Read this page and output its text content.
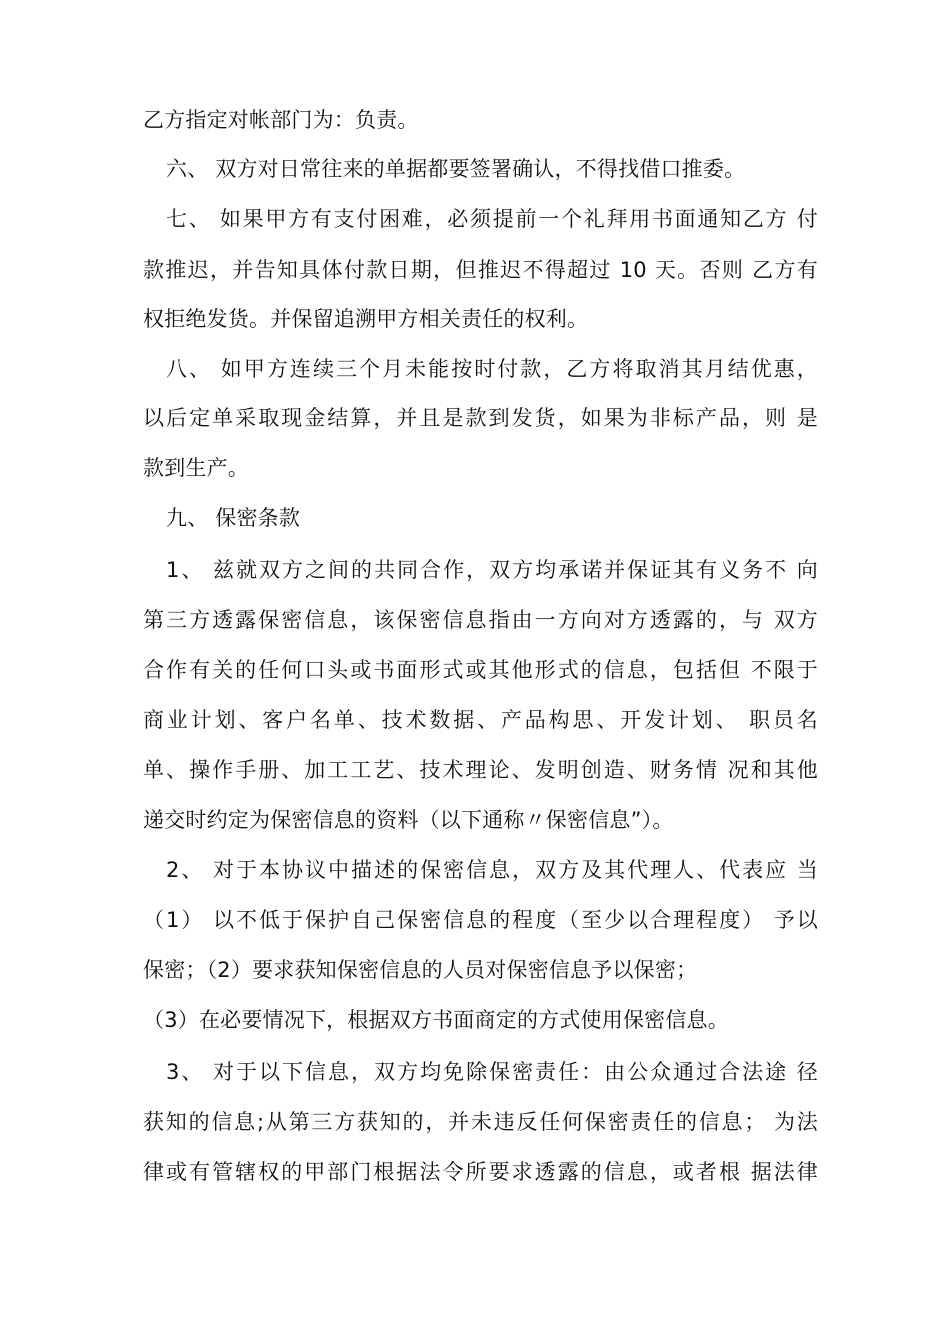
乙方指定对帐部门为：负责。
六、 双方对日常往来的单据都要签署确认，不得找借口推委。
七、 如果甲方有支付困难，必须提前一个礼拜用书面通知乙方 付
款推迟，并告知具体付款日期，但推迟不得超过 10 天。否则 乙方有
权拒绝发货。并保留追溯甲方相关责任的权利。
八、 如甲方连续三个月未能按时付款，乙方将取消其月结优惠，
以后定单采取现金结算，并且是款到发货，如果为非标产品，则 是
款到生产。
九、 保密条款
1、 兹就双方之间的共同合作，双方均承诺并保证其有义务不 向
第三方透露保密信息，该保密信息指由一方向对方透露的，与 双方
合作有关的任何口头或书面形式或其他形式的信息，包括但 不限于
商业计划、客户名单、技术数据、产品构思、开发计划、 职员名
单、操作手册、加工工艺、技术理论、发明创造、财务情 况和其他
递交时约定为保密信息的资料（以下通称〃保密信息”）。
2、 对于本协议中描述的保密信息，双方及其代理人、代表应 当
（1） 以不低于保护自己保密信息的程度（至少以合理程度） 予以
保密；（2）要求获知保密信息的人员对保密信息予以保密；
（3）在必要情况下，根据双方书面商定的方式使用保密信息。
3、 对于以下信息，双方均免除保密责任：由公众通过合法途 径
获知的信息;从第三方获知的，并未违反任何保密责任的信息； 为法
律或有管辖权的甲部门根据法令所要求透露的信息，或者根 据法律
